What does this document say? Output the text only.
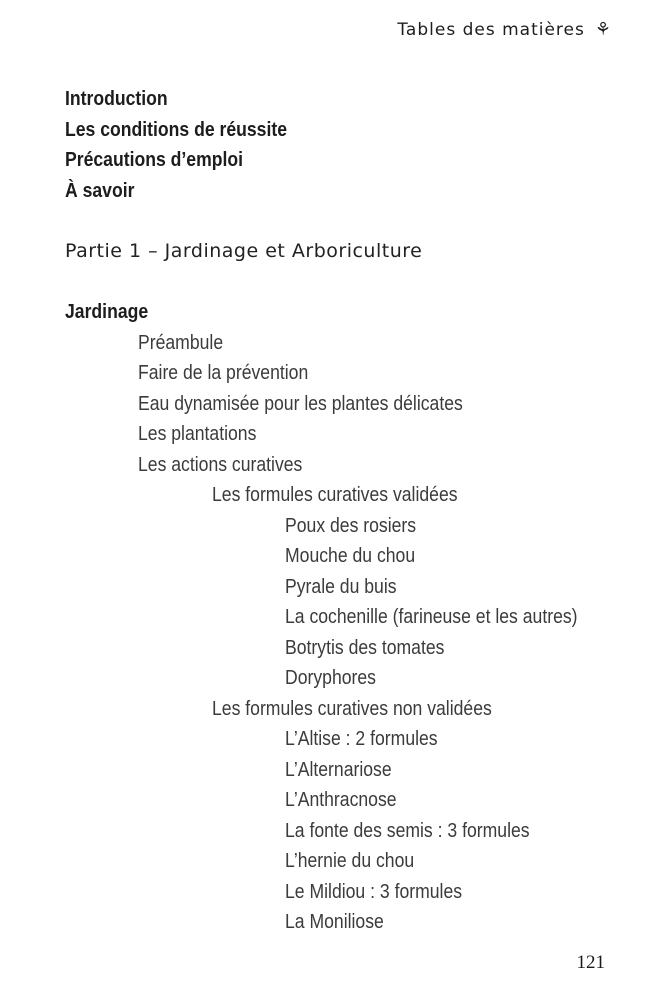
Tables des matières ⚘
Introduction
Les conditions de réussite
Précautions d’emploi
À savoir
Partie 1 – Jardinage et Arboriculture
Jardinage
Préambule
Faire de la prévention
Eau dynamisée pour les plantes délicates
Les plantations
Les actions curatives
Les formules curatives validées
Poux des rosiers
Mouche du chou
Pyrale du buis
La cochenille (farineuse et les autres)
Botrytis des tomates
Doryphores
Les formules curatives non validées
L’Altise : 2 formules
L’Alternariose
L’Anthracnose
La fonte des semis : 3 formules
L’hernie du chou
Le Mildiou : 3 formules
La Moniliose
121
